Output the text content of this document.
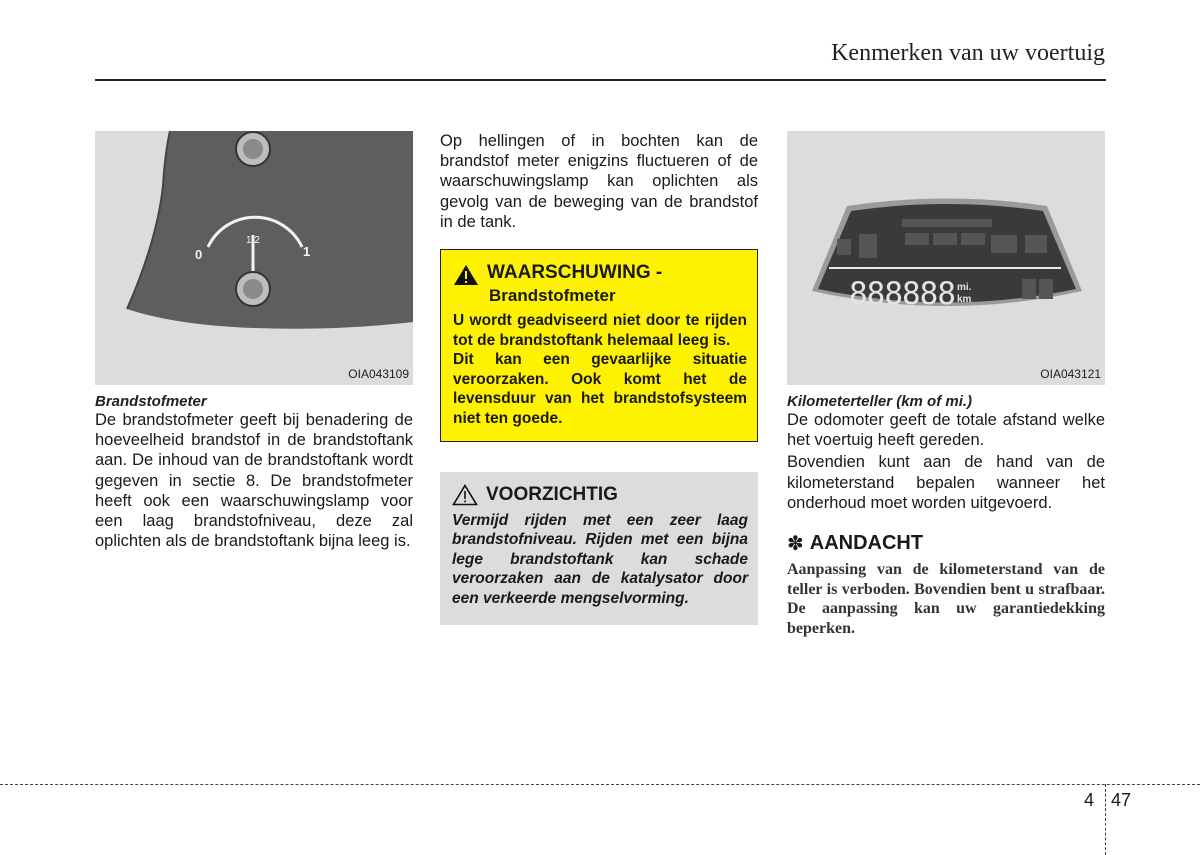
Kenmerken van uw voertuig
0
1/2
1
OIA043109
Brandstofmeter

De brandstofmeter geeft bij benadering de hoeveelheid brandstof in de brandstoftank aan. De inhoud van de brandstoftank wordt gegeven in sectie 8. De brandstofmeter heeft ook een waarschuwingslamp voor een laag brandstofniveau, deze zal oplichten als de brandstoftank bijna leeg is.

Op hellingen of in bochten kan de brandstof meter enigzins fluctueren of de waarschuwingslamp kan oplichten als gevolg van de beweging van de brandstof in de tank.

WAARSCHUWING -
Brandstofmeter

U wordt geadviseerd niet door te rijden tot de brandstoftank helemaal leeg is.

Dit kan een gevaarlijke situatie veroorzaken. Ook komt het de levensduur van het brandstofsysteem niet ten goede.

VOORZICHTIG

Vermijd rijden met een zeer laag brandstofniveau. Rijden met een bijna lege brandstoftank kan schade veroorzaken aan de katalysator door een verkeerde mengselvorming.

888888 mi.
km
OIA043121
Kilometerteller (km of mi.)

De odomoter geeft de totale afstand welke het voertuig heeft gereden.

Bovendien kunt aan de hand van de kilometerstand bepalen wanneer het onderhoud moet worden uitgevoerd.

✽ AANDACHT

Aanpassing van de kilometerstand van de teller is verboden. Bovendien bent u strafbaar. De aanpassing kan uw garantiedekking beperken.

4 47
